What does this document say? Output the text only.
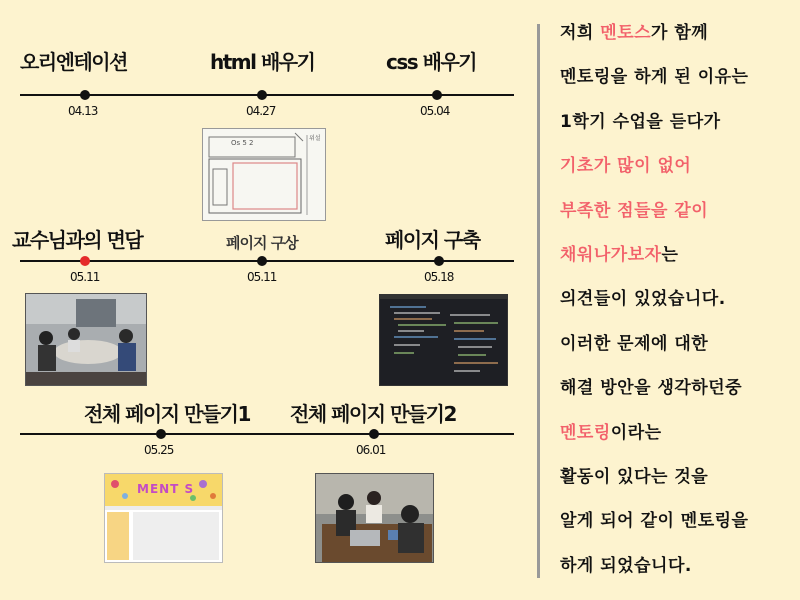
오리엔테이션	html 배우기	css 배우기
04.13	04.27	05.04
Os 5 2
위설
교수님과의 면담	페이지 구상	페이지 구축
05.11	05.11	05.18
전체 페이지 만들기1 전체 페이지 만들기2
05.25	06.01
MENT S
저희 멘토스가 함께
멘토링을 하게 된 이유는
1학기 수업을 듣다가
기초가 많이 없어
부족한 점들을 같이
채워나가보자는
의견들이 있었습니다.
이러한 문제에 대한
해결 방안을 생각하던중
멘토링이라는
활동이 있다는 것을
알게 되어 같이 멘토링을
하게 되었습니다.
